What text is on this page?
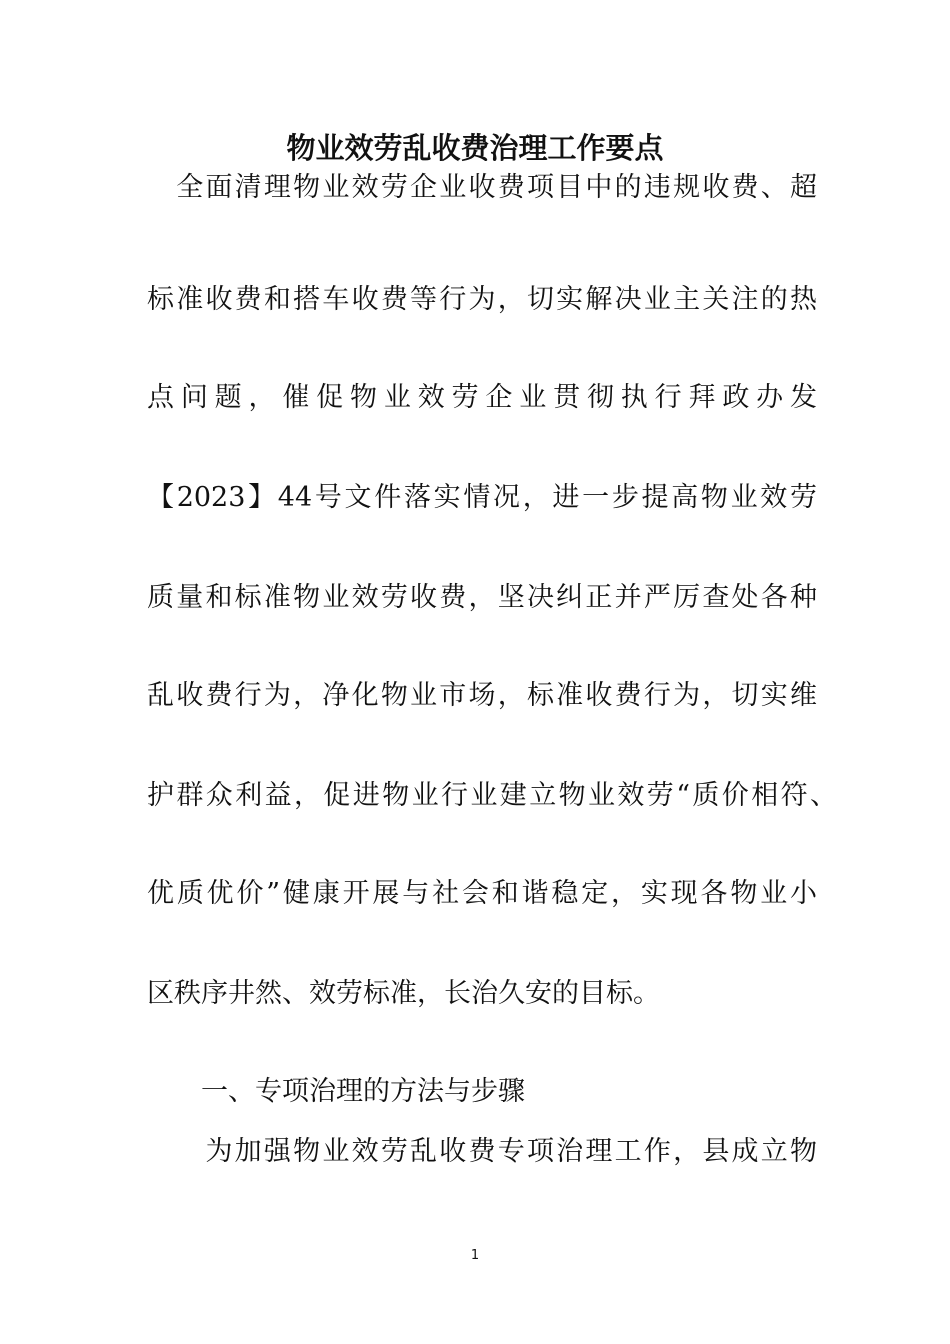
物业效劳乱收费治理工作要点
　全面清理物业效劳企业收费项目中的违规收费、超
标准收费和搭车收费等行为，切实解决业主关注的热
点问题，催促物业效劳企业贯彻执行拜政办发
【2023】44号文件落实情况，进一步提高物业效劳
质量和标准物业效劳收费，坚决纠正并严厉查处各种
乱收费行为，净化物业市场，标准收费行为，切实维
护群众利益，促进物业行业建立物业效劳“质价相符、
优质优价”健康开展与社会和谐稳定，实现各物业小
区秩序井然、效劳标准，长治久安的目标。
　　一、专项治理的方法与步骤
　　为加强物业效劳乱收费专项治理工作，县成立物
1
